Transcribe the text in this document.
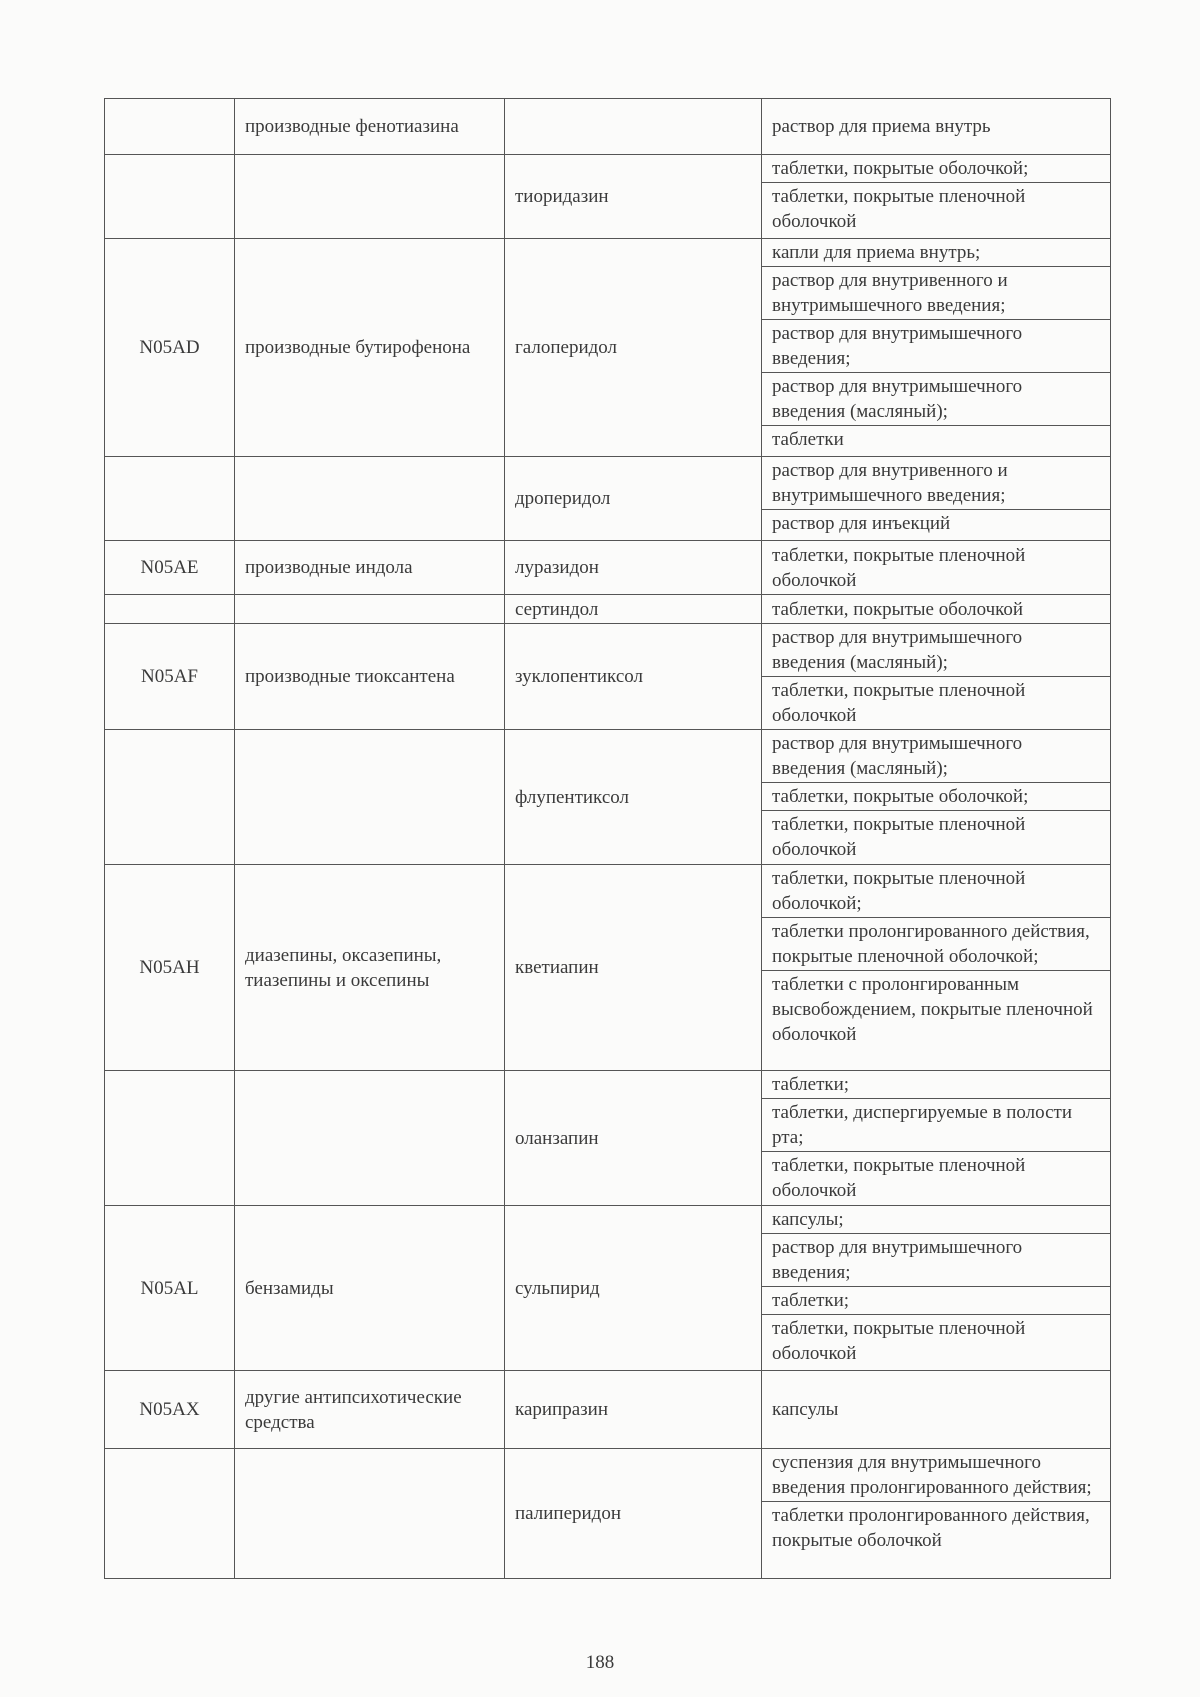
	производные фенотиазина		раствор для приема внутрь

		тиоридазин	таблетки, покрытые оболочкой;
таблетки, покрытые пленочной оболочкой

N05AD	производные бутирофенона	галоперидол	капли для приема внутрь;
раствор для внутривенного и внутримышечного введения;
раствор для внутримышечного введения;
раствор для внутримышечного введения (масляный);
таблетки

		дроперидол	раствор для внутривенного и внутримышечного введения;
раствор для инъекций

N05AE	производные индола	луразидон	таблетки, покрытые пленочной оболочкой

		сертиндол	таблетки, покрытые оболочкой

N05AF	производные тиоксантена	зуклопентиксол	раствор для внутримышечного введения (масляный);
таблетки, покрытые пленочной оболочкой

		флупентиксол	раствор для внутримышечного введения (масляный);
таблетки, покрытые оболочкой;
таблетки, покрытые пленочной оболочкой

N05AH	диазепины, оксазепины, тиазепины и оксепины	кветиапин	таблетки, покрытые пленочной оболочкой;
таблетки пролонгированного действия, покрытые пленочной оболочкой;
таблетки с пролонгированным высвобождением, покрытые пленочной оболочкой

		оланзапин	таблетки;
таблетки, диспергируемые в полости рта;
таблетки, покрытые пленочной оболочкой

N05AL	бензамиды	сульпирид	капсулы;
раствор для внутримышечного введения;
таблетки;
таблетки, покрытые пленочной оболочкой

N05AX	другие антипсихотические средства	карипразин	капсулы

		палиперидон	суспензия для внутримышечного введения пролонгированного действия;
таблетки пролонгированного действия, покрытые оболочкой
188
